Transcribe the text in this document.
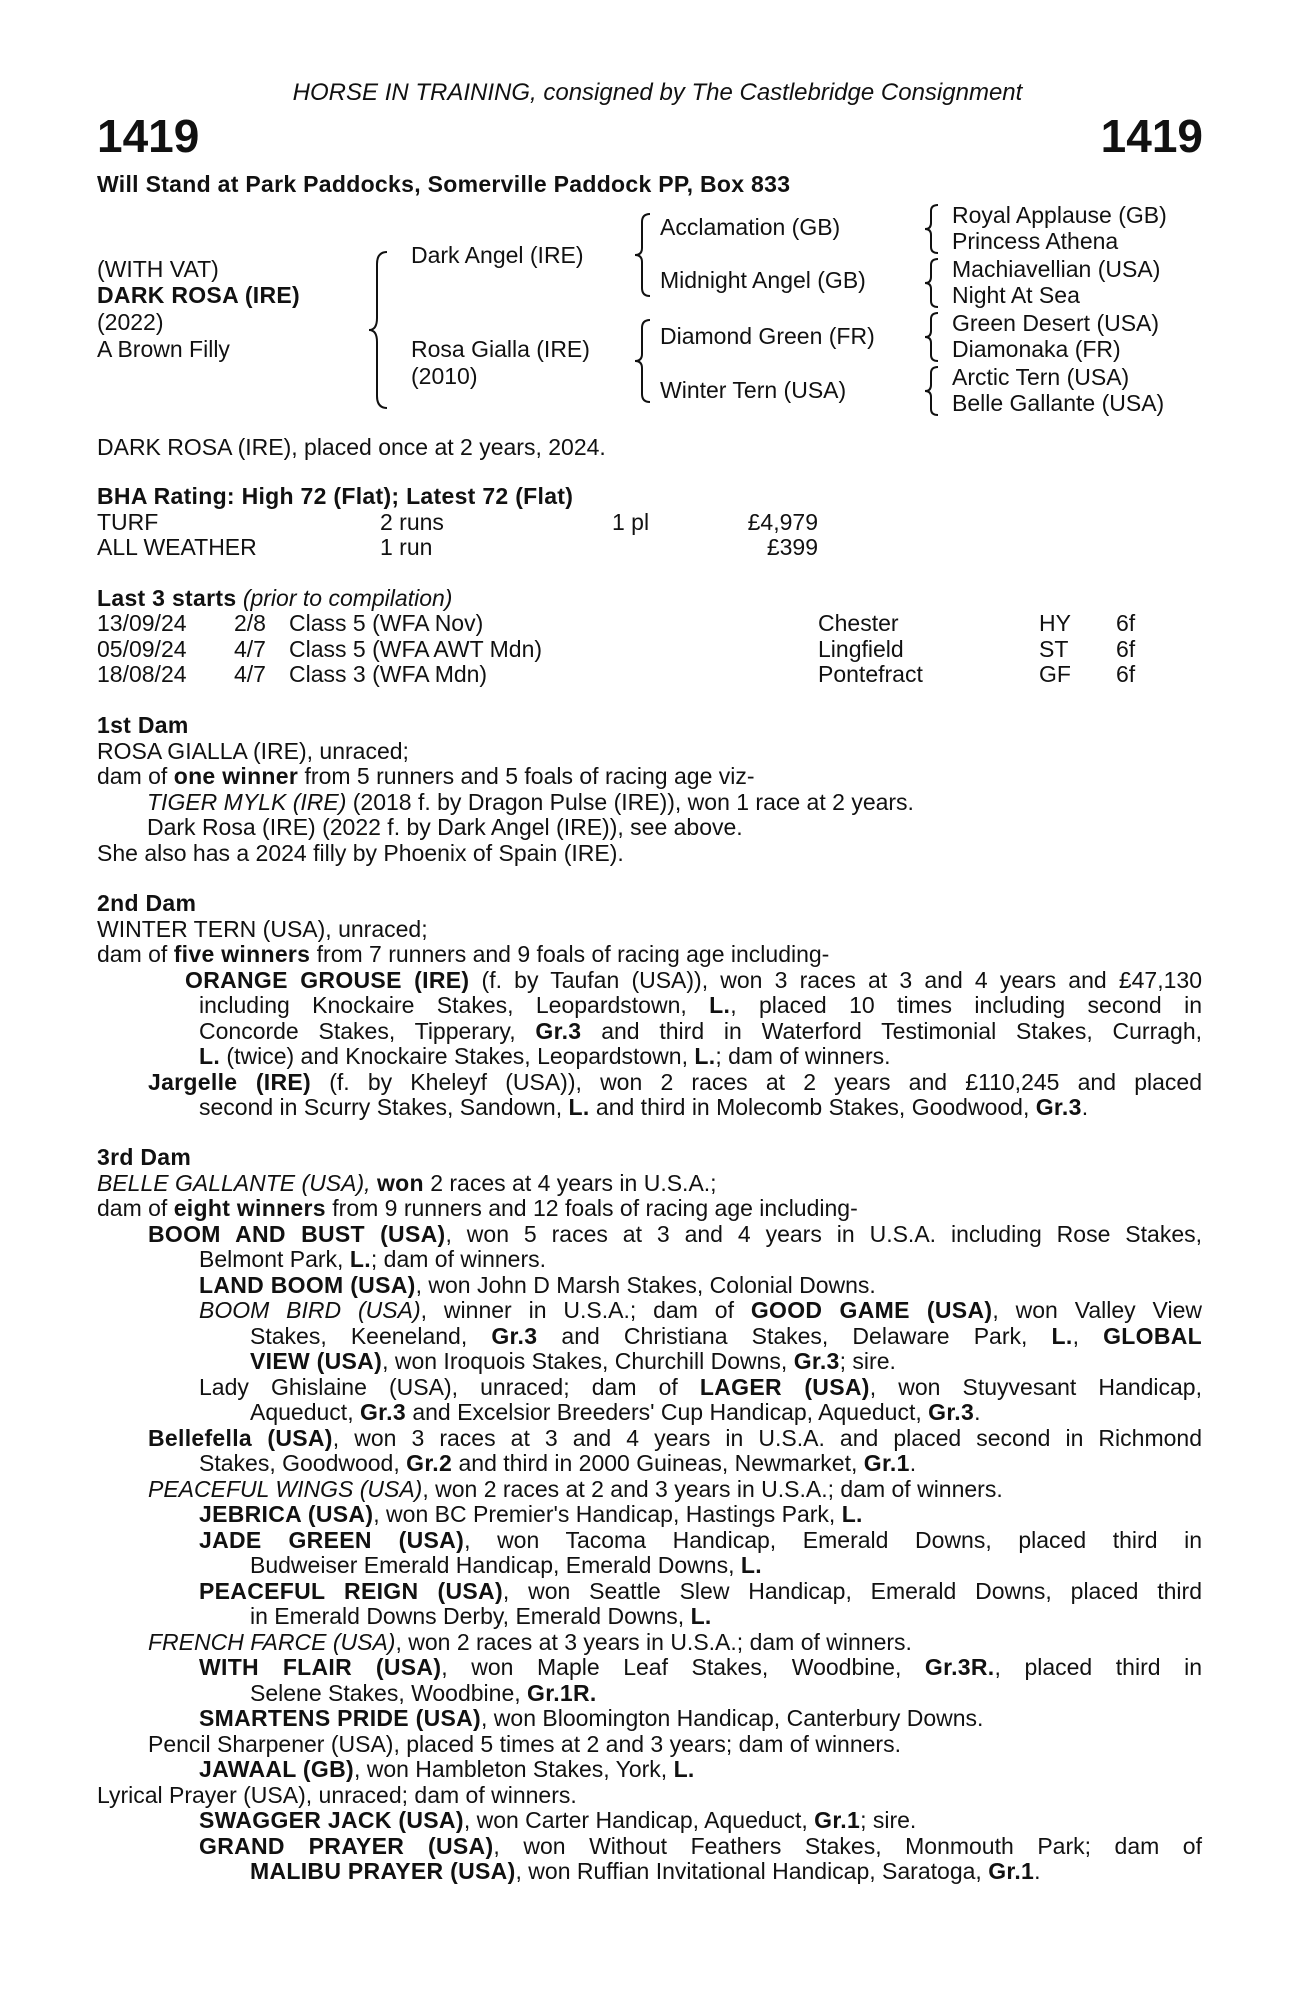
HORSE IN TRAINING, consigned by The Castlebridge Consignment
1419	1419
Will Stand at Park Paddocks, Somerville Paddock PP, Box 833
(WITH VAT)
DARK ROSA (IRE)
(2022)
A Brown Filly
Dark Angel (IRE)
Rosa Gialla (IRE)
(2010)
Acclamation (GB)
Midnight Angel (GB)
Diamond Green (FR)
Winter Tern (USA)
Royal Applause (GB)
Princess Athena
Machiavellian (USA)
Night At Sea
Green Desert (USA)
Diamonaka (FR)
Arctic Tern (USA)
Belle Gallante (USA)
DARK ROSA (IRE), placed once at 2 years, 2024.
BHA Rating: High 72 (Flat); Latest 72 (Flat)
TURF	2 runs	1 pl	£4,979
ALL WEATHER	1 run	£399
Last 3 starts (prior to compilation)
13/09/24 2/8 Class 5 (WFA Nov)	Chester	HY 6f
05/09/24 4/7 Class 5 (WFA AWT Mdn)	Lingfield	ST 6f
18/08/24 4/7 Class 3 (WFA Mdn)	Pontefract	GF 6f
1st Dam
ROSA GIALLA (IRE), unraced;
dam of one winner from 5 runners and 5 foals of racing age viz-
TIGER MYLK (IRE) (2018 f. by Dragon Pulse (IRE)), won 1 race at 2 years.
Dark Rosa (IRE) (2022 f. by Dark Angel (IRE)), see above.
She also has a 2024 filly by Phoenix of Spain (IRE).
2nd Dam
WINTER TERN (USA), unraced;
dam of five winners from 7 runners and 9 foals of racing age including-
ORANGE GROUSE (IRE) (f. by Taufan (USA)), won 3 races at 3 and 4 years and £47,130
including Knockaire Stakes, Leopardstown, L., placed 10 times including second in
Concorde Stakes, Tipperary, Gr.3 and third in Waterford Testimonial Stakes, Curragh,
L. (twice) and Knockaire Stakes, Leopardstown, L.; dam of winners.
Jargelle (IRE) (f. by Kheleyf (USA)), won 2 races at 2 years and £110,245 and placed
second in Scurry Stakes, Sandown, L. and third in Molecomb Stakes, Goodwood, Gr.3.
3rd Dam
BELLE GALLANTE (USA), won 2 races at 4 years in U.S.A.;
dam of eight winners from 9 runners and 12 foals of racing age including-
BOOM AND BUST (USA), won 5 races at 3 and 4 years in U.S.A. including Rose Stakes,
Belmont Park, L.; dam of winners.
LAND BOOM (USA), won John D Marsh Stakes, Colonial Downs.
BOOM BIRD (USA), winner in U.S.A.; dam of GOOD GAME (USA), won Valley View
Stakes, Keeneland, Gr.3 and Christiana Stakes, Delaware Park, L., GLOBAL
VIEW (USA), won Iroquois Stakes, Churchill Downs, Gr.3; sire.
Lady Ghislaine (USA), unraced; dam of LAGER (USA), won Stuyvesant Handicap,
Aqueduct, Gr.3 and Excelsior Breeders' Cup Handicap, Aqueduct, Gr.3.
Bellefella (USA), won 3 races at 3 and 4 years in U.S.A. and placed second in Richmond
Stakes, Goodwood, Gr.2 and third in 2000 Guineas, Newmarket, Gr.1.
PEACEFUL WINGS (USA), won 2 races at 2 and 3 years in U.S.A.; dam of winners.
JEBRICA (USA), won BC Premier's Handicap, Hastings Park, L.
JADE GREEN (USA), won Tacoma Handicap, Emerald Downs, placed third in
Budweiser Emerald Handicap, Emerald Downs, L.
PEACEFUL REIGN (USA), won Seattle Slew Handicap, Emerald Downs, placed third
in Emerald Downs Derby, Emerald Downs, L.
FRENCH FARCE (USA), won 2 races at 3 years in U.S.A.; dam of winners.
WITH FLAIR (USA), won Maple Leaf Stakes, Woodbine, Gr.3R., placed third in
Selene Stakes, Woodbine, Gr.1R.
SMARTENS PRIDE (USA), won Bloomington Handicap, Canterbury Downs.
Pencil Sharpener (USA), placed 5 times at 2 and 3 years; dam of winners.
JAWAAL (GB), won Hambleton Stakes, York, L.
Lyrical Prayer (USA), unraced; dam of winners.
SWAGGER JACK (USA), won Carter Handicap, Aqueduct, Gr.1; sire.
GRAND PRAYER (USA), won Without Feathers Stakes, Monmouth Park; dam of
MALIBU PRAYER (USA), won Ruffian Invitational Handicap, Saratoga, Gr.1.
